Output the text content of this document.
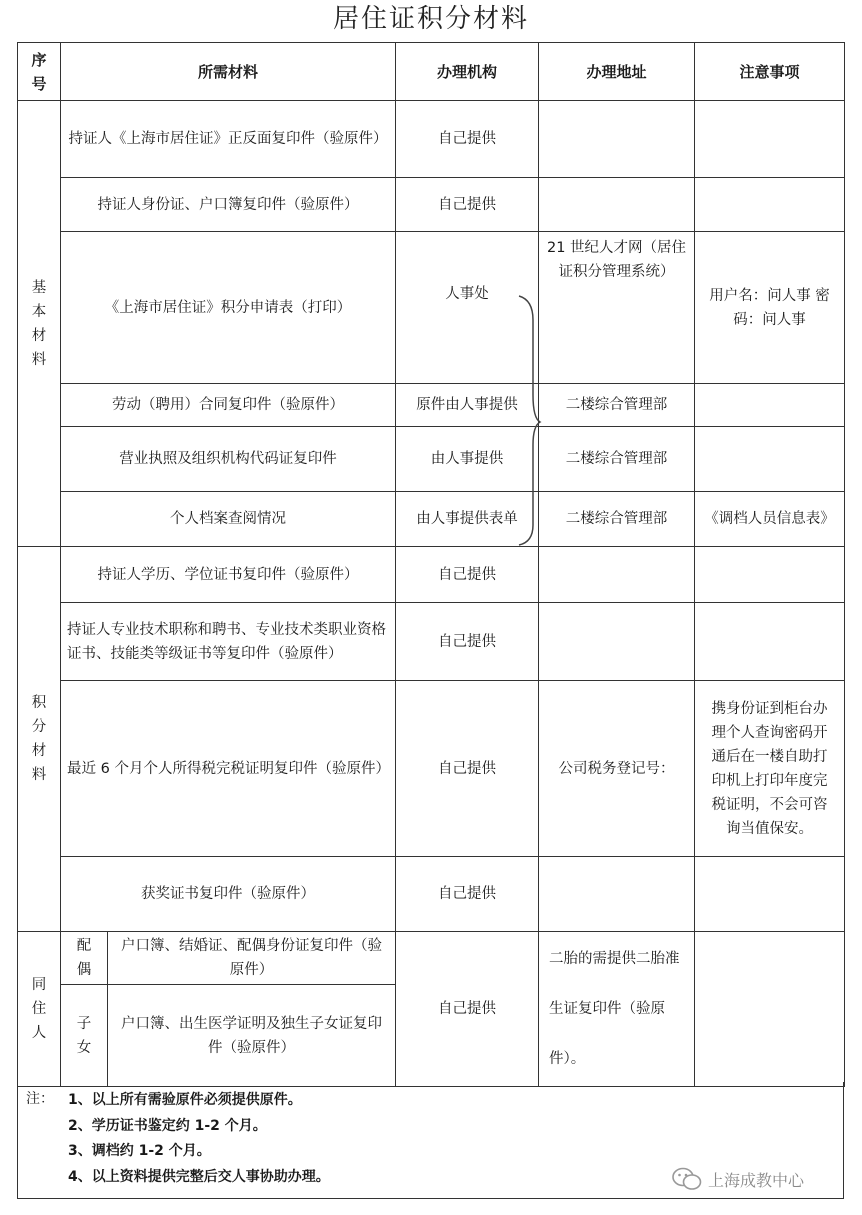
居住证积分材料
序
号	所需材料		办理机构	办理地址	注意事项
基
本
材
料	持证人《上海市居住证》正反面复印件（验原件）		自己提供		
	持证人身份证、户口簿复印件（验原件）		自己提供		
	《上海市居住证》积分申请表（打印）		人事处	21 世纪人才网（居住证积分管理系统）	用户名：问人事 密码：问人事
	劳动（聘用）合同复印件（验原件）		原件由人事提供	二楼综合管理部	
	营业执照及组织机构代码证复印件		由人事提供	二楼综合管理部	
	个人档案查阅情况		由人事提供表单	二楼综合管理部	《调档人员信息表》
积
分
材
料	持证人学历、学位证书复印件（验原件）		自己提供		
	持证人专业技术职称和聘书、专业技术类职业资格证书、技能类等级证书等复印件（验原件）		自己提供		
	最近 6 个月个人所得税完税证明复印件（验原件）		自己提供	公司税务登记号：	携身份证到柜台办理个人查询密码开通后在一楼自助打印机上打印年度完税证明，不会可咨询当值保安。
	获奖证书复印件（验原件）		自己提供		
同
住
人	配
偶	户口簿、结婚证、配偶身份证复印件（验原件）	自己提供	二胎的需提供二胎准生证复印件（验原件）。	
	子
女	户口簿、出生医学证明及独生子女证复印件（验原件）			
注： 1、以上所有需验原件必须提供原件。
2、学历证书鉴定约 1-2 个月。
3、调档约 1-2 个月。
4、以上资料提供完整后交人事协助办理。	上海成教中心
